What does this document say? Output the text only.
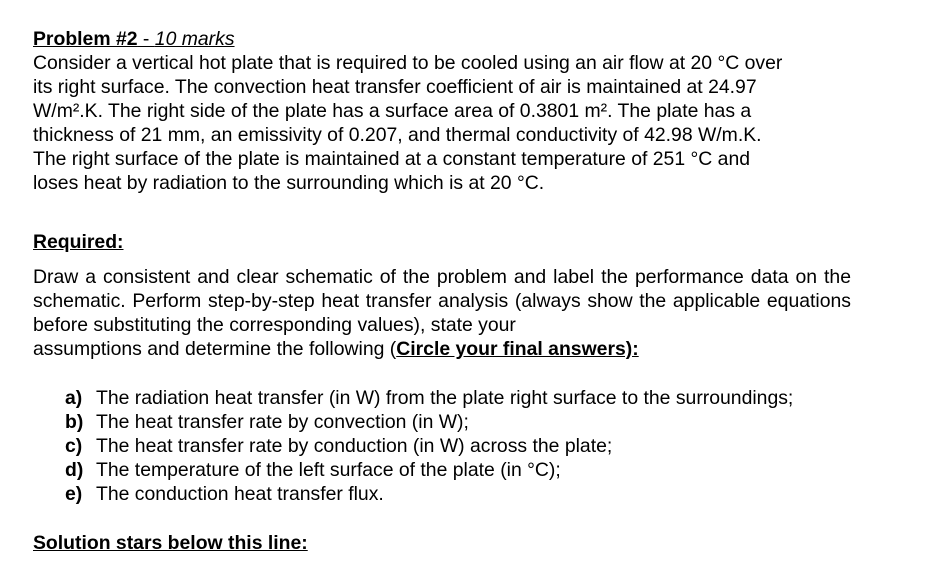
Problem #2 - 10 marks
Consider a vertical hot plate that is required to be cooled using an air flow at 20 °C over
its right surface. The convection heat transfer coefficient of air is maintained at 24.97
W/m².K. The right side of the plate has a surface area of 0.3801 m². The plate has a
thickness of 21 mm, an emissivity of 0.207, and thermal conductivity of 42.98 W/m.K.
The right surface of the plate is maintained at a constant temperature of 251 °C and
loses heat by radiation to the surrounding which is at 20 °C.
Required:
Draw a consistent and clear schematic of the problem and label the performance data on the schematic. Perform step-by-step heat transfer analysis (always show the applicable equations before substituting the corresponding values), state your
assumptions and determine the following (Circle your final answers):
a) The radiation heat transfer (in W) from the plate right surface to the surroundings;
b) The heat transfer rate by convection (in W);
c) The heat transfer rate by conduction (in W) across the plate;
d) The temperature of the left surface of the plate (in °C);
e) The conduction heat transfer flux.
Solution stars below this line:
